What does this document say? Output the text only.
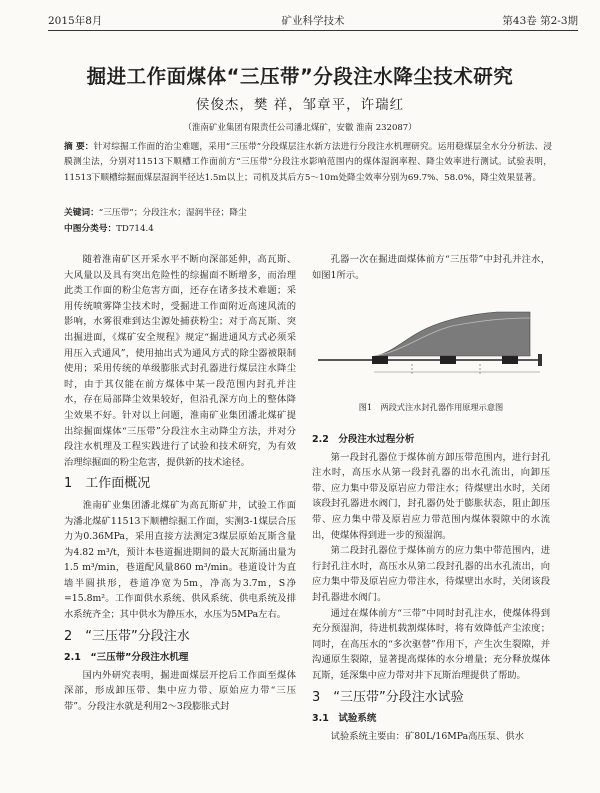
2015年8月	矿业科学技术	第43卷 第2-3期
掘进工作面煤体“三压带”分段注水降尘技术研究
侯俊杰，樊 祥，邹章平，许瑞红
（淮南矿业集团有限责任公司潘北煤矿，安徽 淮南 232087）
摘 要：针对综掘工作面的治尘难题，采用“三压带”分段煤层注水新方法进行分段注水机理研究。运用稳煤层全水分分析法、浸膜测尘法，分别对11513下顺槽工作面前方“三压带”分段注水影响范围内的煤体湿润率程、降尘效率进行测试。试验表明，11513下顺槽综掘面煤层湿润半径达1.5m以上；司机及其后方5～10m处降尘效率分别为69.7%、58.0%，降尘效果显著。
关键词：“三压带”；分段注水；湿润半径；降尘
中图分类号：TD714.4

随着淮南矿区开采水平不断向深部延伸，高瓦斯、大风量以及具有突出危险性的综掘面不断增多，而治理此类工作面的粉尘危害方面，还存在诸多技术难题；采用传统喷雾降尘技术时，受掘进工作面附近高速风流的影响，水雾很难到达尘源处捕获粉尘；对于高瓦斯、突出掘进面，《煤矿安全规程》规定“掘进通风方式必须采用压入式通风”，使用抽出式为通风方式的除尘器被限制使用；采用传统的单级膨胀式封孔器进行煤层注水降尘时，由于其仅能在前方煤体中某一段范围内封孔并注水，存在局部降尘效果较好，但沿孔深方向上的整体降尘效果不好。针对以上问题，淮南矿业集团潘北煤矿提出综掘面煤体“三压带”分段注水主动降尘方法，并对分段注水机理及工程实践进行了试验和技术研究，为有效治理综掘面的粉尘危害，提供新的技术途径。

1　工作面概况

淮南矿业集团潘北煤矿为高瓦斯矿井，试验工作面为潘北煤矿11513下顺槽综掘工作面，实测3-1煤层合压力为0.36MPa，采用直接方法测定3煤层原始瓦斯含量为4.82 m³/t，预计本巷道掘进期间的最大瓦斯涌出量为1.5 m³/min，巷道配风量860 m³/min。巷道设计为直墙半圆拱形，巷道净宽为5m，净高为3.7m，S净=15.8m²。工作面供水系统、供风系统、供电系统及排水系统齐全；其中供水为静压水，水压为5MPa左右。

2　“三压带”分段注水
2.1　“三压带”分段注水机理

国内外研究表明，掘进面煤层开挖后工作面至煤体深部，形成卸压带、集中应力带、原始应力带“三压带”。分段注水就是利用2～3段膨胀式封

孔器一次在掘进面煤体前方“三压带”中封孔并注水，如图1所示。

图1　两段式注水封孔器作用原理示意图
2.2　分段注水过程分析

第一段封孔器位于煤体前方卸压带范围内，进行封孔注水时，高压水从第一段封孔器的出水孔流出，向卸压带、应力集中带及原岩应力带注水；待煤壁出水时，关闭该段封孔器进水阀门，封孔器仍处于膨胀状态，阻止卸压带、应力集中带及原岩应力带范围内煤体裂隙中的水流出，使煤体得到进一步的预湿润。

第二段封孔器位于煤体前方的应力集中带范围内，进行封孔注水时，高压水从第二段封孔器的出水孔流出，向应力集中带及原岩应力带注水，待煤壁出水时，关闭该段封孔器进水阀门。

通过在煤体前方“三带”中同时封孔注水，使煤体得到充分预湿润，待进机载割煤体时，将有效降低产尘浓度；同时，在高压水的“多次驱替”作用下，产生次生裂隙，并沟通原生裂隙，显著提高煤体的水分增量；充分释放煤体瓦斯，延深集中应力带对井下瓦斯治理提供了帮助。

3　“三压带”分段注水试验
3.1　试验系统

试验系统主要由：矿80L/16MPa高压泵、供水
